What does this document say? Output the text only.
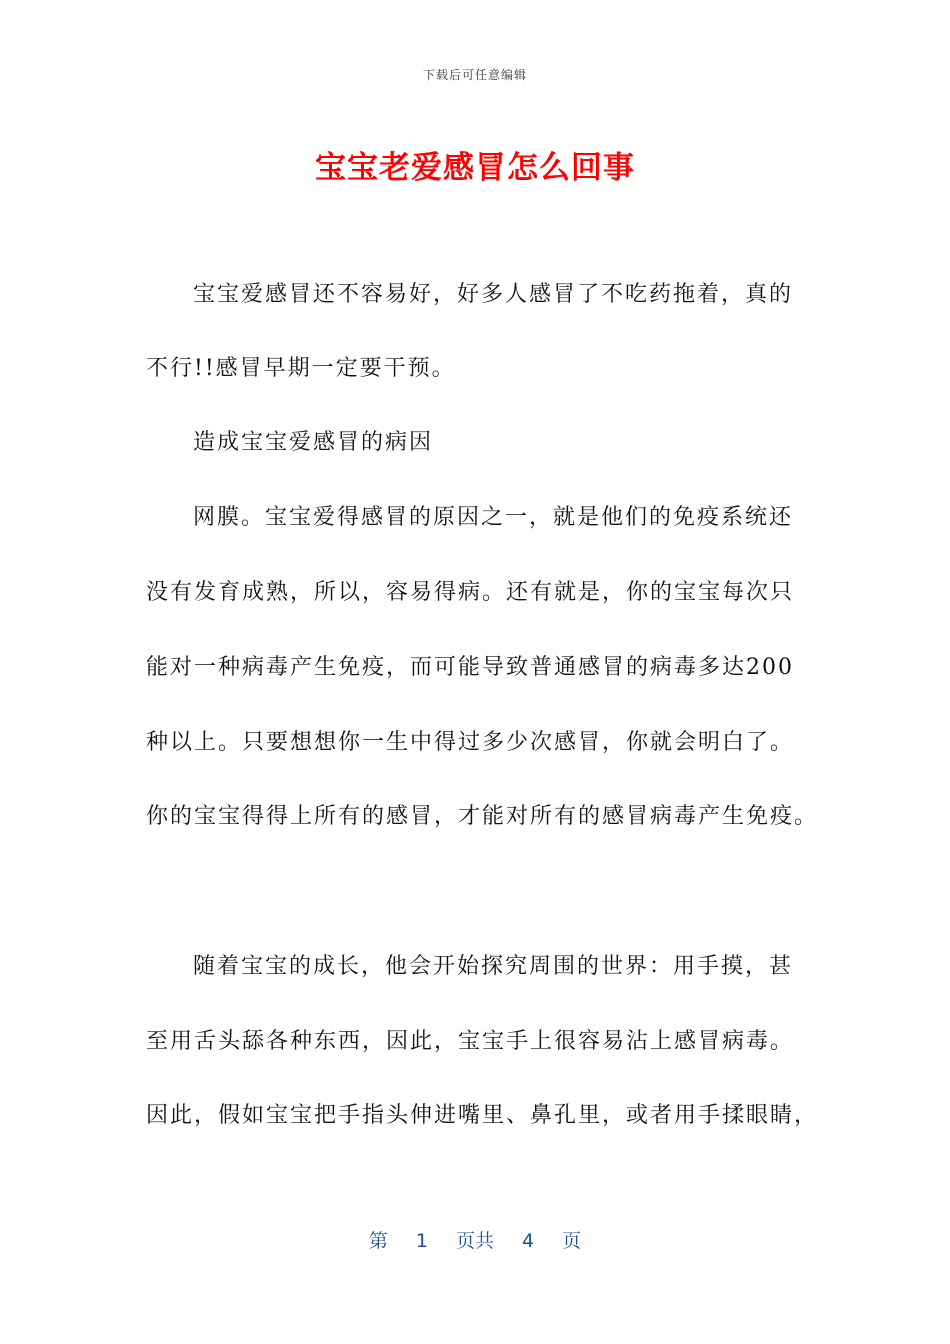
下载后可任意编辑
宝宝老爱感冒怎么回事
宝宝爱感冒还不容易好，好多人感冒了不吃药拖着，真的
不行!!感冒早期一定要干预。
造成宝宝爱感冒的病因
网膜。宝宝爱得感冒的原因之一，就是他们的免疫系统还
没有发育成熟，所以，容易得病。还有就是，你的宝宝每次只
能对一种病毒产生免疫，而可能导致普通感冒的病毒多达200
种以上。只要想想你一生中得过多少次感冒，你就会明白了。
你的宝宝得得上所有的感冒，才能对所有的感冒病毒产生免疫。
随着宝宝的成长，他会开始探究周围的世界：用手摸，甚
至用舌头舔各种东西，因此，宝宝手上很容易沾上感冒病毒。
因此，假如宝宝把手指头伸进嘴里、鼻孔里，或者用手揉眼睛，
第 1 页共 4 页
